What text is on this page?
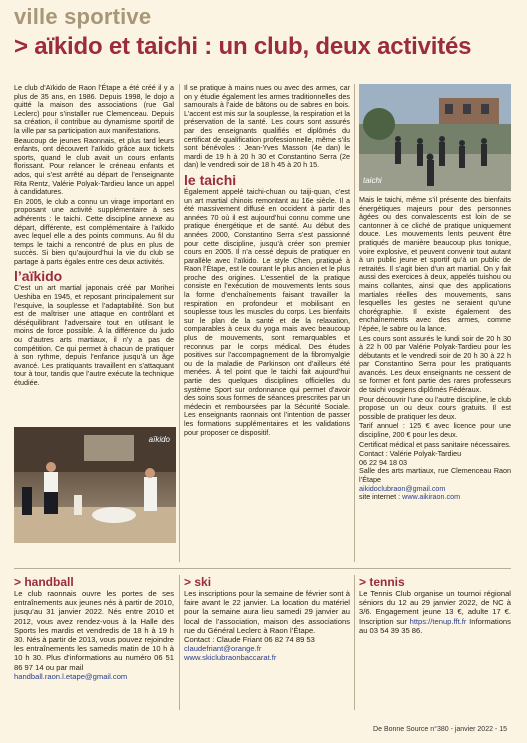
ville sportive
> aïkido et taichi : un club, deux activités

Le club d’Aïkido de Raon l’Étape a été créé il y a plus de 35 ans, en 1986. Depuis 1998, le dojo a quitté la maison des associations (rue Gal Leclerc) pour s’installer rue Clemenceau. Depuis sa création, il contribue au dynamisme sportif de la ville par sa participation aux manifestations.

Beaucoup de jeunes Raonnais, et plus tard leurs enfants, ont découvert l’aïkido grâce aux tickets sports, quand le club avait un cours enfants florissant. Pour relancer le créneau enfants et ados, qui s’est arrêté au départ de l’enseignante Rita Rentz, Valérie Polyak-Tardieu lance un appel à candidatures.

En 2005, le club a connu un virage important en proposant une activité supplémentaire à ses adhérents : le taichi. Cette discipline annexe au départ, différente, est complémentaire à l’aïkido avec lequel elle a des points communs. Au fil du temps le taichi a rencontré de plus en plus de succès. Si bien qu’aujourd’hui la vie du club se partage à parts égales entre ces deux activités.

l’aïkido

C’est un art martial japonais créé par Morihei Ueshiba en 1945, et reposant principalement sur l’esquive, la souplesse et l’adaptabilité. Son but est de maîtriser une attaque en contrôlant et déséquilibrant l’adversaire tout en utilisant le moins de force possible. À la différence du judo ou d’autres arts martiaux, il n’y a pas de compétition. Ce qui permet à chacun de pratiquer à son rythme, depuis l’enfance jusqu’à un âge avancé. Les pratiquants travaillent en s’attaquant tour à tour, tandis que l’autre exécute la technique étudiée.

aïkido

Il se pratique à mains nues ou avec des armes, car on y étudie également les armes traditionnelles des samouraïs à l’aide de bâtons ou de sabres en bois. L’accent est mis sur la souplesse, la respiration et la préservation de la santé. Les cours sont assurés par des enseignants qualifiés et diplômés du certificat de qualification professionnelle, même s’ils sont bénévoles : Jean-Yves Masson (4e dan) le mardi de 19 h à 20 h 30 et Constantino Serra (2e dan) le vendredi soir de 18 h 45 à 20 h 15.

le taichi

Également appelé taichi-chuan ou taiji-quan, c’est un art martial chinois remontant au 16e siècle. Il a été massivement diffusé en occident à partir des années 70 où il est aujourd’hui connu comme une pratique énergétique et de santé. Au début des années 2000, Constantino Serra s’est passionné pour cette discipline, jusqu’à créer son premier cours en 2005. Il n’a cessé depuis de pratiquer en parallèle avec l’aïkido. Le style Chen, pratiqué à Raon l’Étape, est le courant le plus ancien et le plus proche des origines. L’essentiel de la pratique consiste en l’exécution de mouvements lents sous la forme d’enchaînements faisant travailler la respiration en profondeur et mobilisant en souplesse tous les muscles du corps. Les bienfaits sur le plan de la santé et de la relaxation, comparables à ceux du yoga mais avec beaucoup plus de mouvements, sont remarquables et reconnus par le corps médical. Des études positives sur l’accompagnement de la fibromyalgie ou de la maladie de Parkinson ont d’ailleurs été menées. À tel point que le taichi fait aujourd’hui partie des quelques disciplines officielles du système Sport sur ordonnance qui permet d’avoir des soins sous formes de séances prescrites par un médecin et remboursées par la Sécurité Sociale. Les enseignants raonnais ont l’intention de passer les formations supplémentaires et les validations pour proposer ce dispositif.

taichi

Mais le taichi, même s’il présente des bienfaits énergétiques majeurs pour des personnes âgées ou des convalescents est loin de se cantonner à ce cliché de pratique uniquement douce. Les mouvements lents peuvent être pratiqués de manière beaucoup plus tonique, voire explosive, et peuvent convenir tout autant à un public jeune et sportif qu’à un public de retraités. Il s’agit bien d’un art martial. On y fait aussi des exercices à deux, appelés tuishou ou mains collantes, ainsi que des applications martiales réelles des mouvements, sans lesquelles les gestes ne seraient qu’une chorégraphie. Il existe également des enchaînements avec des armes, comme l’épée, le sabre ou la lance.

Les cours sont assurés le lundi soir de 20 h 30 à 22 h 00 par Valérie Polyak-Tardieu pour les débutants et le vendredi soir de 20 h 30 à 22 h par Constantino Serra pour les pratiquants avancés. Les deux enseignants ne cessent de se former et font partie des rares professeurs de taichi vosgiens diplômés Fédéraux.

Pour découvrir l’une ou l’autre discipline, le club propose un ou deux cours gratuits. Il est possible de pratiquer les deux.

Tarif annuel : 125 € avec licence pour une discipline, 200 € pour les deux.

Certificat médical et pass sanitaire nécessaires.

Contact : Valérie Polyak-Tardieu

06 22 94 18 03

Salle des arts martiaux, rue Clemenceau Raon l’Étape

aikidoclubraon@gmail.com

site internet : www.aikiraon.com

> handball

Le club raonnais ouvre les portes de ses entraînements aux jeunes nés à partir de 2010, jusqu’au 31 janvier 2022. Nés entre 2010 et 2012, vous avez rendez-vous à la Halle des Sports les mardis et vendredis de 18 h à 19 h 30. Nés à partir de 2013, vous pouvez rejoindre les entraînements les samedis matin de 10 h à 10 h 30. Plus d’informations au numéro 06 51 86 97 14 ou par mail

handball.raon.l.etape@gmail.com

> ski

Les inscriptions pour la semaine de février sont à faire avant le 22 janvier. La location du matériel pour la semaine aura lieu samedi 29 janvier au local de l’association, maison des associations rue du Général Leclerc à Raon l’Étape.

Contact : Claude Friant 06 82 74 89 53

claudefriant@orange.fr

www.skiclubraonbaccarat.fr

> tennis

Le Tennis Club organise un tournoi régional séniors du 12 au 29 janvier 2022, de NC à 3/6. Engagement jeune 13 €, adulte 17 €. Inscription sur https://tenup.fft.fr Informations au 03 54 39 35 86.

De Bonne Source n°380 - janvier 2022 - 15
